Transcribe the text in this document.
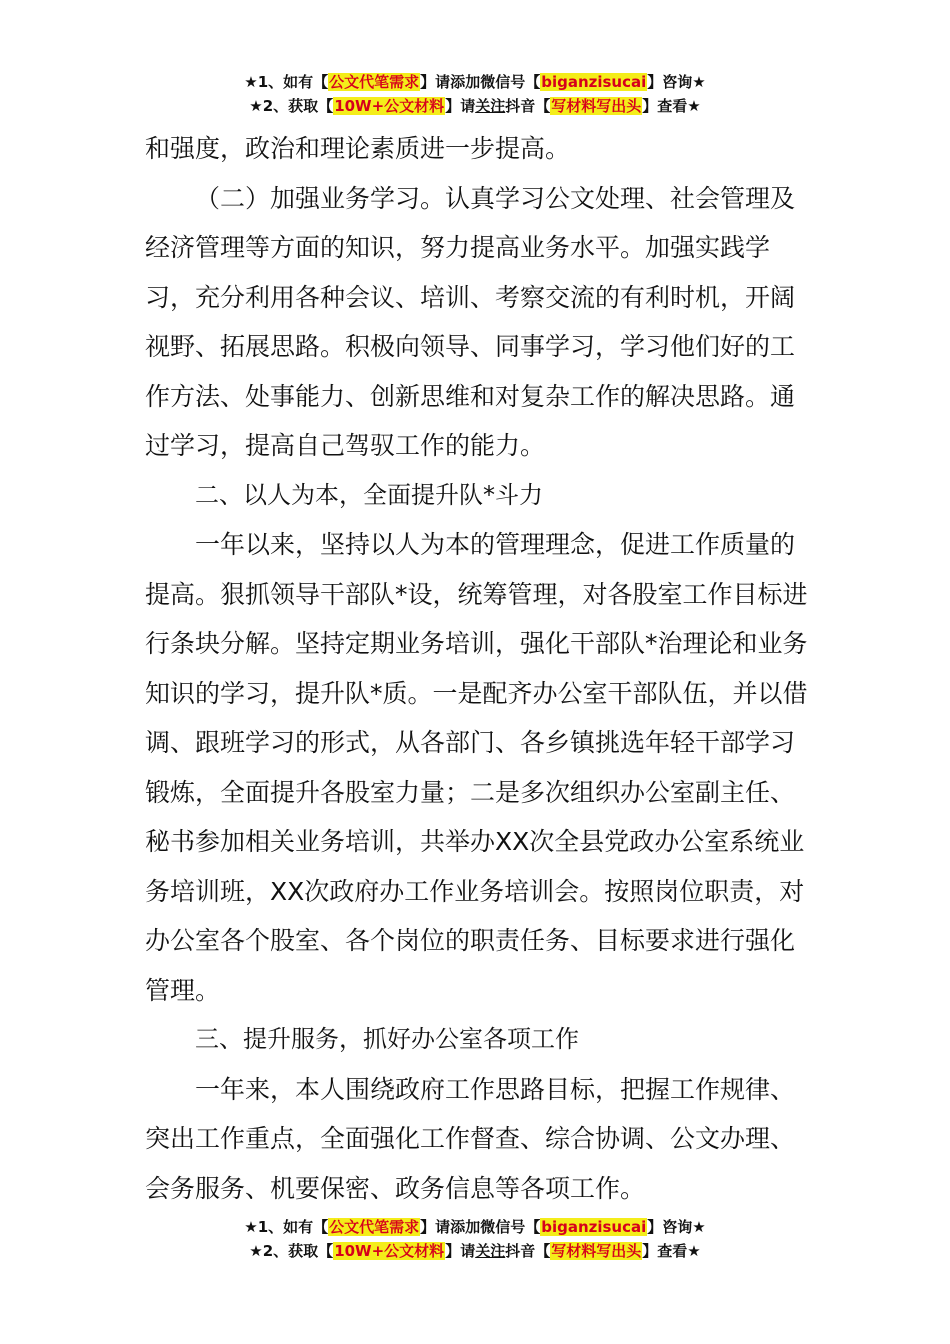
★1、如有【公文代笔需求】请添加微信号【biganzisucai】咨询★
★2、获取【10W+公文材料】请关注抖音【写材料写出头】查看★

和强度，政治和理论素质进一步提高。

（二）加强业务学习。认真学习公文处理、社会管理及经济管理等方面的知识，努力提高业务水平。加强实践学习，充分利用各种会议、培训、考察交流的有利时机，开阔视野、拓展思路。积极向领导、同事学习，学习他们好的工作方法、处事能力、创新思维和对复杂工作的解决思路。通过学习，提高自己驾驭工作的能力。

二、以人为本，全面提升队*斗力

一年以来，坚持以人为本的管理理念，促进工作质量的提高。狠抓领导干部队*设，统筹管理，对各股室工作目标进行条块分解。坚持定期业务培训，强化干部队*治理论和业务知识的学习，提升队*质。一是配齐办公室干部队伍，并以借调、跟班学习的形式，从各部门、各乡镇挑选年轻干部学习锻炼，全面提升各股室力量；二是多次组织办公室副主任、秘书参加相关业务培训，共举办XX次全县党政办公室系统业务培训班，XX次政府办工作业务培训会。按照岗位职责，对办公室各个股室、各个岗位的职责任务、目标要求进行强化管理。

三、提升服务，抓好办公室各项工作

一年来，本人围绕政府工作思路目标，把握工作规律、突出工作重点，全面强化工作督查、综合协调、公文办理、会务服务、机要保密、政务信息等各项工作。

★1、如有【公文代笔需求】请添加微信号【biganzisucai】咨询★
★2、获取【10W+公文材料】请关注抖音【写材料写出头】查看★
